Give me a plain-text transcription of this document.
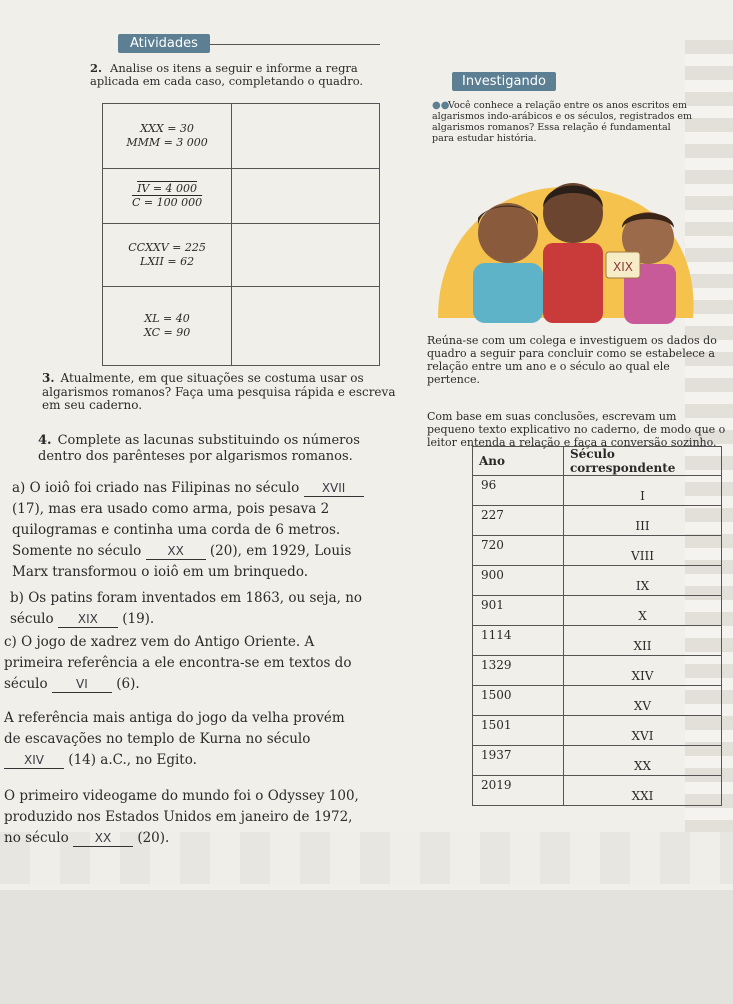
Atividades
2. Analise os itens a seguir e informe a regra aplicada em cada caso, completando o quadro.
XXX = 30
MMM = 3 000	

IV = 4 000
C = 100 000	

CCXXV = 225
LXII = 62	

XL = 40
XC = 90	

3. Atualmente, em que situações se costuma usar os algarismos romanos? Faça uma pesquisa rápida e escreva em seu caderno.
4. Complete as lacunas substituindo os números dentro dos parênteses por algarismos romanos.
a) O ioiô foi criado nas Filipinas no século XVII (17), mas era usado como arma, pois pesava 2 quilogramas e continha uma corda de 6 metros. Somente no século XX (20), em 1929, Louis Marx transformou o ioiô em um brinquedo.
b) Os patins foram inventados em 1863, ou seja, no século XIX (19).
c) O jogo de xadrez vem do Antigo Oriente. A primeira referência a ele encontra-se em textos do século VI (6).
A referência mais antiga do jogo da velha provém de escavações no templo de Kurna no século XIV (14) a.C., no Egito.
O primeiro videogame do mundo foi o Odyssey 100, produzido nos Estados Unidos em janeiro de 1972, no século XX (20).
Investigando
●●Você conhece a relação entre os anos escritos em algarismos indo-arábicos e os séculos, registrados em algarismos romanos? Essa relação é fundamental para estudar história.
XIX
Reúna-se com um colega e investiguem os dados do quadro a seguir para concluir como se estabelece a relação entre um ano e o século ao qual ele pertence.
Com base em suas conclusões, escrevam um pequeno texto explicativo no caderno, de modo que o leitor entenda a relação e faça a conversão sozinho.
Ano	Século correspondente
96	I
227	III
720	VIII
900	IX
901	X
1114	XII
1329	XIV
1500	XV
1501	XVI
1937	XX
2019	XXI
